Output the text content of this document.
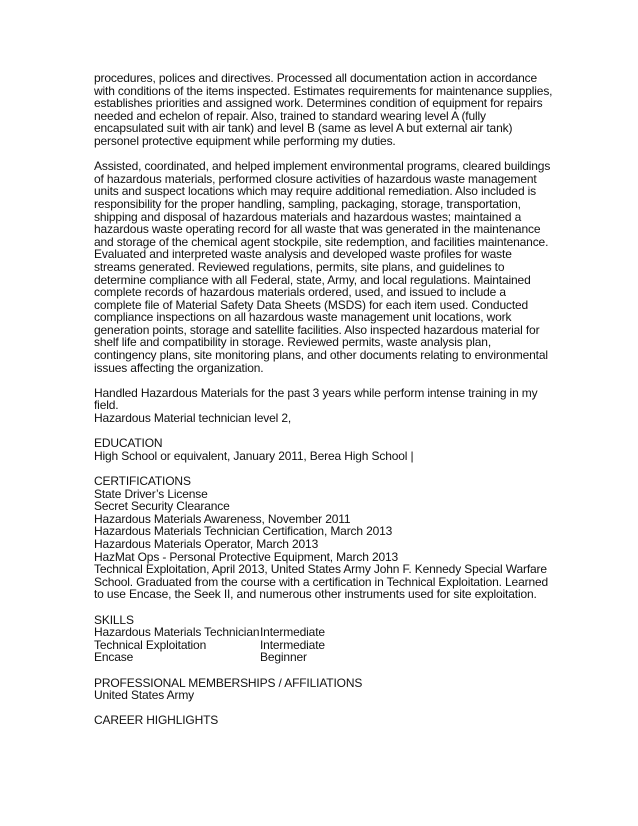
procedures, polices and directives. Processed all documentation action in accordance with conditions of the items inspected. Estimates requirements for maintenance supplies, establishes priorities and assigned work. Determines condition of equipment for repairs needed and echelon of repair. Also, trained to standard wearing level A (fully encapsulated suit with air tank) and level B (same as level A but external air tank) personel protective equipment while performing my duties.

Assisted, coordinated, and helped implement environmental programs, cleared buildings of hazardous materials, performed closure activities of hazardous waste management units and suspect locations which may require additional remediation. Also included is responsibility for the proper handling, sampling, packaging, storage, transportation, shipping and disposal of hazardous materials and hazardous wastes; maintained a hazardous waste operating record for all waste that was generated in the maintenance and storage of the chemical agent stockpile, site redemption, and facilities maintenance. Evaluated and interpreted waste analysis and developed waste profiles for waste streams generated. Reviewed regulations, permits, site plans, and guidelines to determine compliance with all Federal, state, Army, and local regulations. Maintained complete records of hazardous materials ordered, used, and issued to include a complete file of Material Safety Data Sheets (MSDS) for each item used. Conducted compliance inspections on all hazardous waste management unit locations, work generation points, storage and satellite facilities. Also inspected hazardous material for shelf life and compatibility in storage. Reviewed permits, waste analysis plan, contingency plans, site monitoring plans, and other documents relating to environmental issues affecting the organization.

Handled Hazardous Materials for the past 3 years while perform intense training in my field.

Hazardous Material technician level 2,

EDUCATION

High School or equivalent, January 2011, Berea High School |

CERTIFICATIONS

State Driver’s License

Secret Security Clearance

Hazardous Materials Awareness, November 2011

Hazardous Materials Technician Certification, March 2013

Hazardous Materials Operator, March 2013

HazMat Ops - Personal Protective Equipment, March 2013

Technical Exploitation, April 2013, United States Army John F. Kennedy Special Warfare School. Graduated from the course with a certification in Technical Exploitation. Learned to use Encase, the Seek II, and numerous other instruments used for site exploitation.

SKILLS

Hazardous Materials Technician	Intermediate
Technical Exploitation	Intermediate
Encase	Beginner

PROFESSIONAL MEMBERSHIPS / AFFILIATIONS

United States Army

CAREER HIGHLIGHTS
